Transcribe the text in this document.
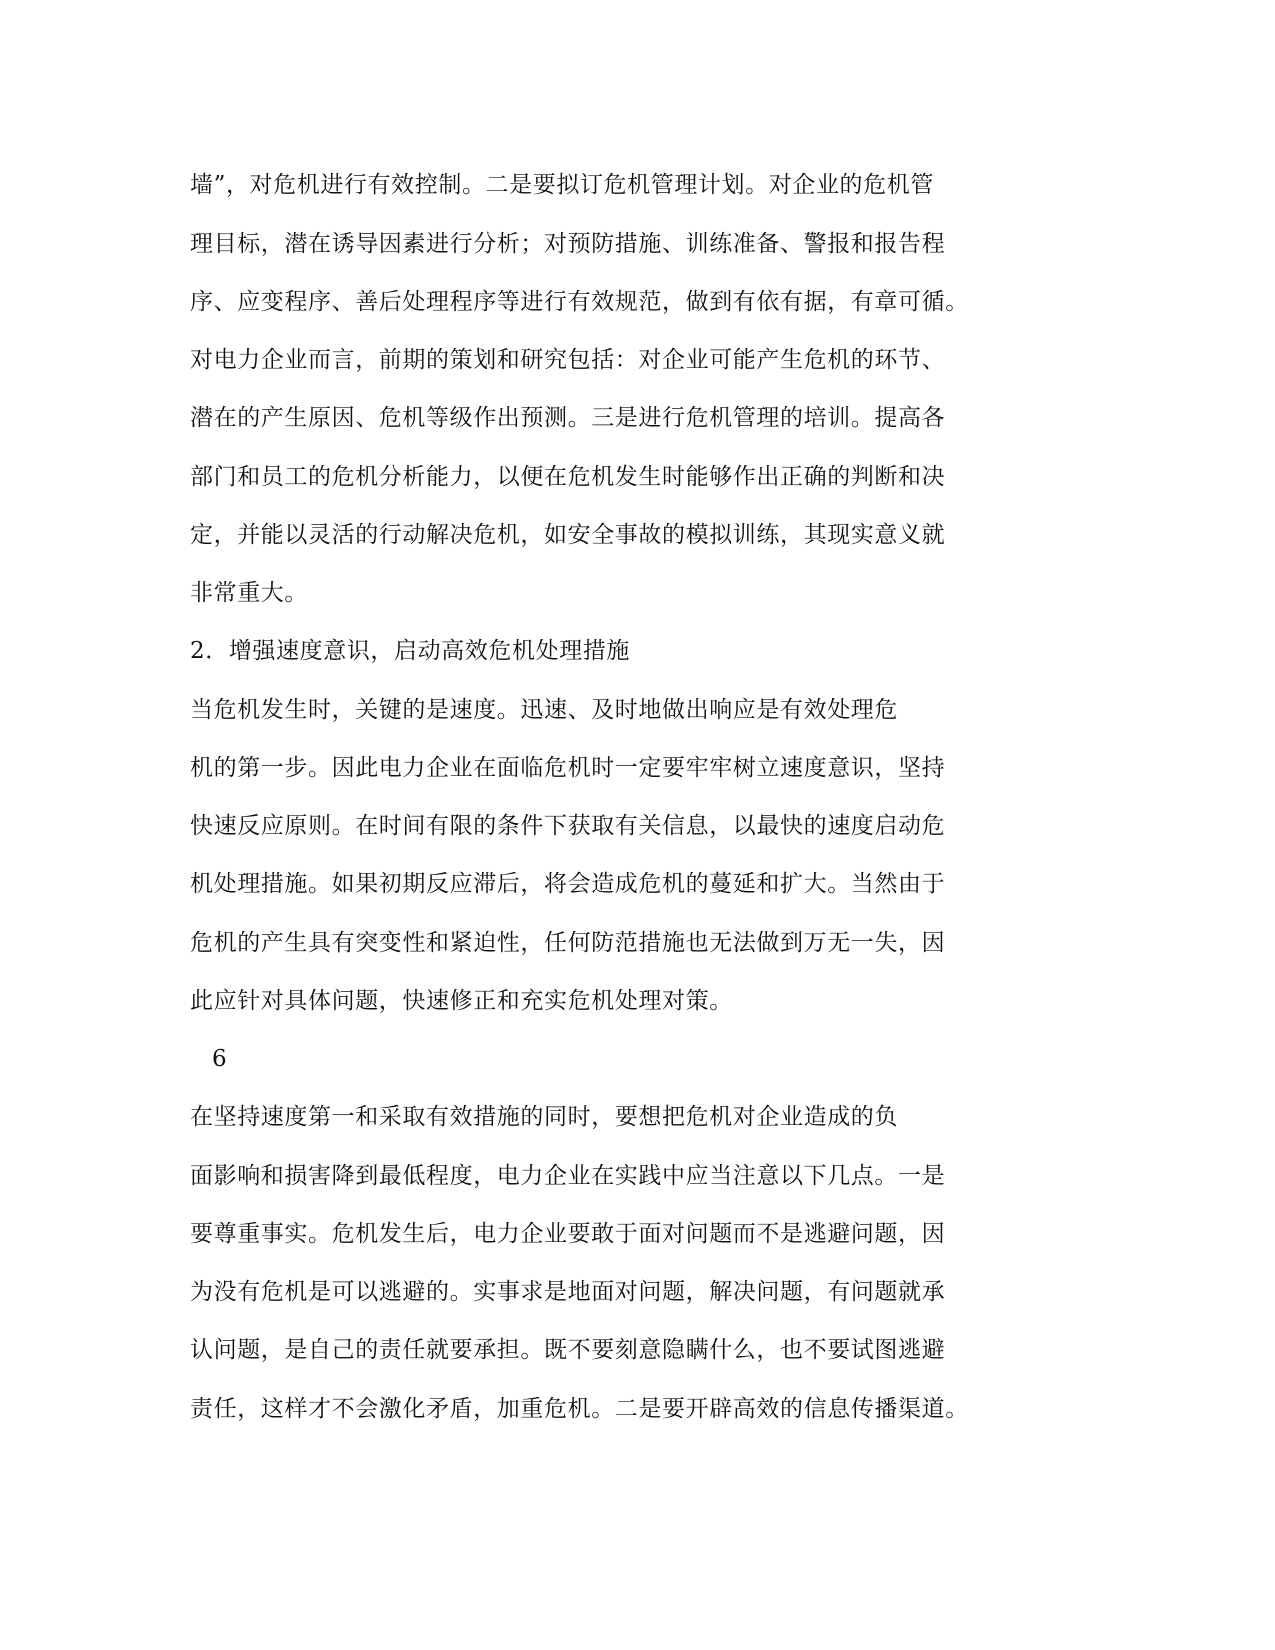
墙”，对危机进行有效控制。二是要拟订危机管理计划。对企业的危机管
理目标，潜在诱导因素进行分析；对预防措施、训练准备、警报和报告程
序、应变程序、善后处理程序等进行有效规范，做到有依有据，有章可循。
对电力企业而言，前期的策划和研究包括：对企业可能产生危机的环节、
潜在的产生原因、危机等级作出预测。三是进行危机管理的培训。提高各
部门和员工的危机分析能力，以便在危机发生时能够作出正确的判断和决
定，并能以灵活的行动解决危机，如安全事故的模拟训练，其现实意义就
非常重大。
2．增强速度意识，启动高效危机处理措施
当危机发生时，关键的是速度。迅速、及时地做出响应是有效处理危
机的第一步。因此电力企业在面临危机时一定要牢牢树立速度意识，坚持
快速反应原则。在时间有限的条件下获取有关信息，以最快的速度启动危
机处理措施。如果初期反应滞后，将会造成危机的蔓延和扩大。当然由于
危机的产生具有突变性和紧迫性，任何防范措施也无法做到万无一失，因
此应针对具体问题，快速修正和充实危机处理对策。
6
在坚持速度第一和采取有效措施的同时，要想把危机对企业造成的负
面影响和损害降到最低程度，电力企业在实践中应当注意以下几点。一是
要尊重事实。危机发生后，电力企业要敢于面对问题而不是逃避问题，因
为没有危机是可以逃避的。实事求是地面对问题，解决问题，有问题就承
认问题，是自己的责任就要承担。既不要刻意隐瞒什么，也不要试图逃避
责任，这样才不会激化矛盾，加重危机。二是要开辟高效的信息传播渠道。
